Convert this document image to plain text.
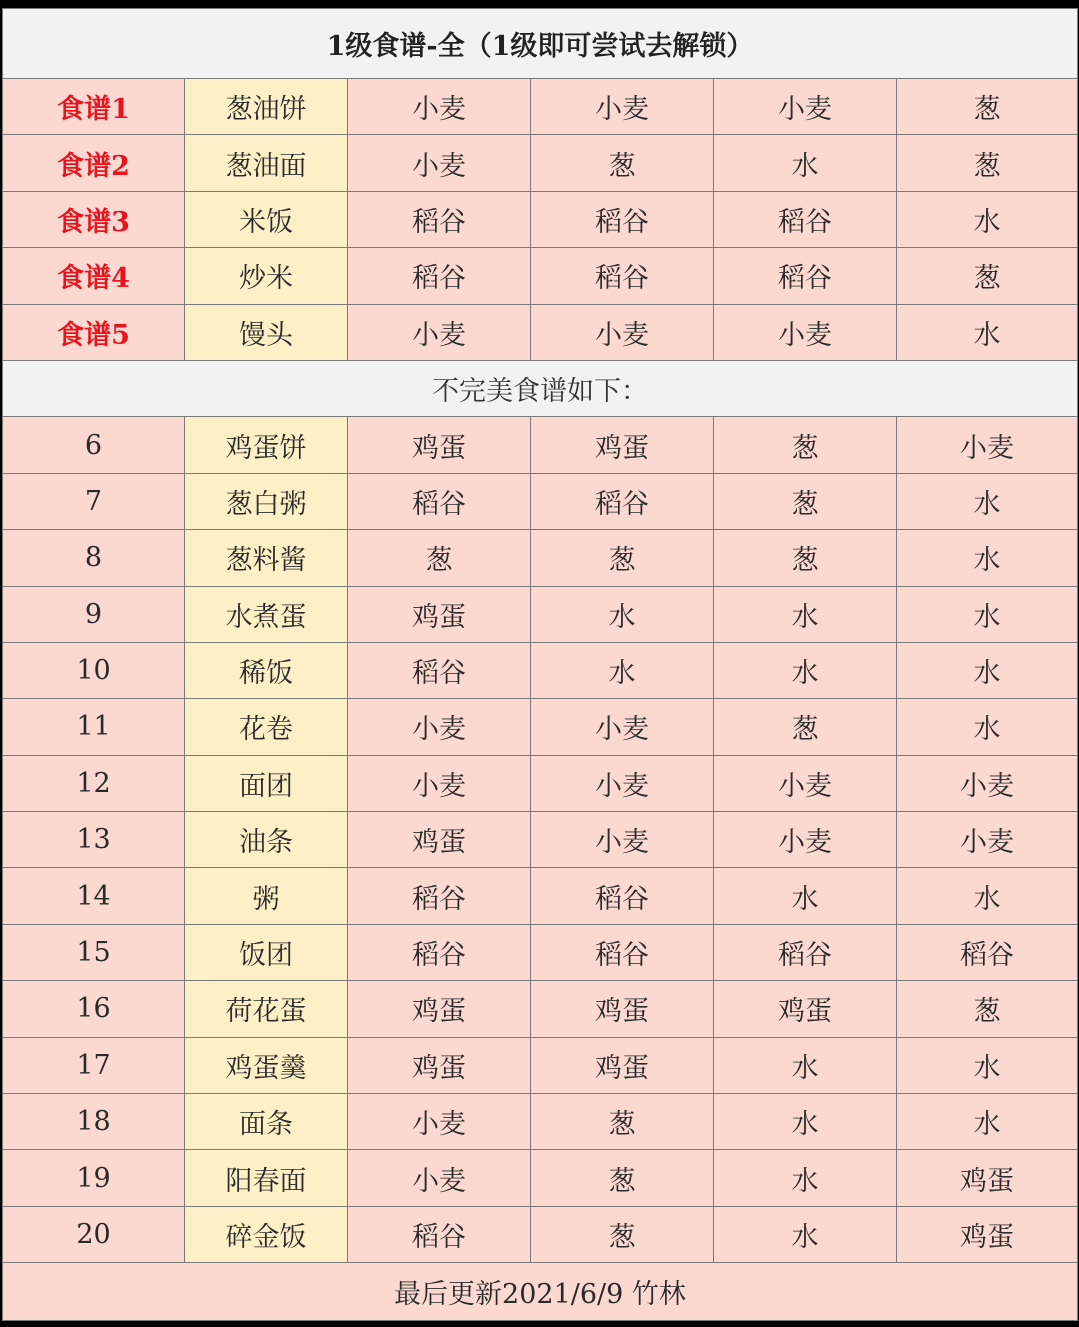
1级食谱-全（1级即可尝试去解锁）					
食谱1	葱油饼	小麦	小麦	小麦	葱
食谱2	葱油面	小麦	葱	水	葱
食谱3	米饭	稻谷	稻谷	稻谷	水
食谱4	炒米	稻谷	稻谷	稻谷	葱
食谱5	馒头	小麦	小麦	小麦	水
不完美食谱如下：					
6	鸡蛋饼	鸡蛋	鸡蛋	葱	小麦
7	葱白粥	稻谷	稻谷	葱	水
8	葱料酱	葱	葱	葱	水
9	水煮蛋	鸡蛋	水	水	水
10	稀饭	稻谷	水	水	水
11	花卷	小麦	小麦	葱	水
12	面团	小麦	小麦	小麦	小麦
13	油条	鸡蛋	小麦	小麦	小麦
14	粥	稻谷	稻谷	水	水
15	饭团	稻谷	稻谷	稻谷	稻谷
16	荷花蛋	鸡蛋	鸡蛋	鸡蛋	葱
17	鸡蛋羹	鸡蛋	鸡蛋	水	水
18	面条	小麦	葱	水	水
19	阳春面	小麦	葱	水	鸡蛋
20	碎金饭	稻谷	葱	水	鸡蛋
最后更新2021/6/9 竹林					
